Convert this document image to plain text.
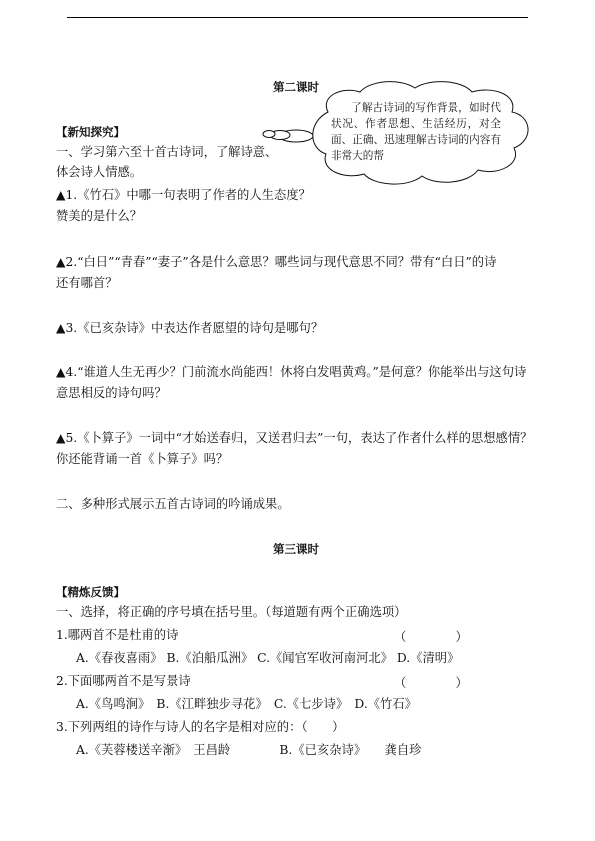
第二课时
了解古诗词的写作背景，如时代状况、作者思想、生活经历，对全面、正确、迅速理解古诗词的内容有非常大的帮
【新知探究】
一、学习第六至十首古诗词，了解诗意、
体会诗人情感。
▲1.《竹石》中哪一句表明了作者的人生态度？
赞美的是什么？
▲2.“白日”“青春”“妻子”各是什么意思？哪些词与现代意思不同？带有“白日”的诗
还有哪首？
▲3.《已亥杂诗》中表达作者愿望的诗句是哪句？
▲4.“谁道人生无再少？门前流水尚能西！休将白发唱黄鸡。”是何意？你能举出与这句诗
意思相反的诗句吗？
▲5.《卜算子》一词中“才始送春归，又送君归去”一句，表达了作者什么样的思想感情？
你还能背诵一首《卜算子》吗？
二、多种形式展示五首古诗词的吟诵成果。
第三课时
【精炼反馈】
一、选择，将正确的序号填在括号里。（每道题有两个正确选项）
1.哪两首不是杜甫的诗	（　　　　）
A.《春夜喜雨》 B.《泊船瓜洲》 C.《闻官军收河南河北》 D.《清明》
2.下面哪两首不是写景诗	（　　　　）
A.《鸟鸣涧》　B.《江畔独步寻花》　C.《七步诗》　D.《竹石》
3.下列两组的诗作与诗人的名字是相对应的：（　　）
A.《芙蓉楼送辛渐》　王昌龄　　　　B.《已亥杂诗》　　龚自珍
